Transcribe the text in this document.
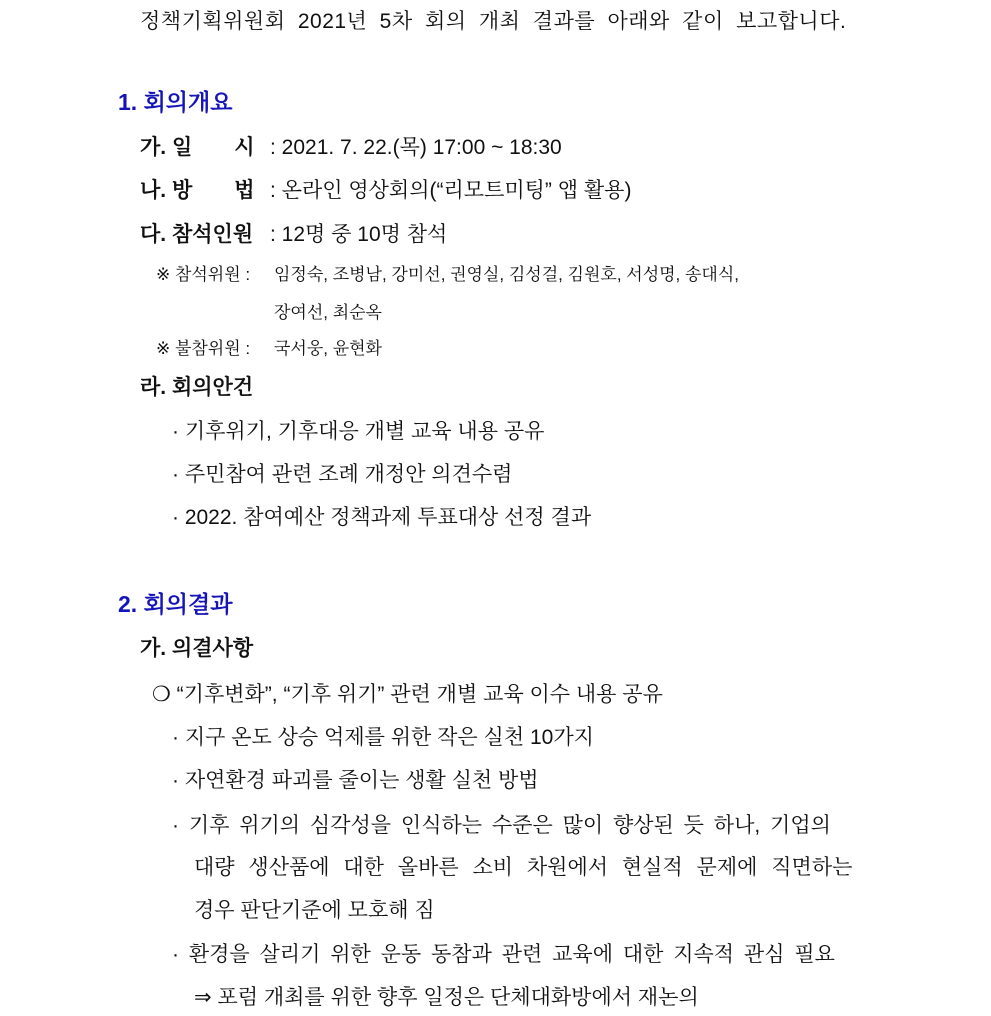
정책기획위원회 2021년 5차 회의 개최 결과를 아래와 같이 보고합니다.
1. 회의개요
가. 일　　시 : 2021. 7. 22.(목) 17:00 ~ 18:30
나. 방　　법 : 온라인 영상회의(“리모트미팅” 앱 활용)
다. 참석인원 : 12명 중 10명 참석
※ 참석위원 : 임정숙, 조병남, 강미선, 권영실, 김성걸, 김원호, 서성명, 송대식,
장여선, 최순옥
※ 불참위원 : 국서웅, 윤현화
라. 회의안건
· 기후위기, 기후대응 개별 교육 내용 공유
· 주민참여 관련 조례 개정안 의견수렴
· 2022. 참여예산 정책과제 투표대상 선정 결과
2. 회의결과
가. 의결사항
❍ “기후변화”, “기후 위기” 관련 개별 교육 이수 내용 공유
· 지구 온도 상승 억제를 위한 작은 실천 10가지
· 자연환경 파괴를 줄이는 생활 실천 방법
· 기후 위기의 심각성을 인식하는 수준은 많이 향상된 듯 하나, 기업의
대량 생산품에 대한 올바른 소비 차원에서 현실적 문제에 직면하는
경우 판단기준에 모호해 짐
· 환경을 살리기 위한 운동 동참과 관련 교육에 대한 지속적 관심 필요
⇒ 포럼 개최를 위한 향후 일정은 단체대화방에서 재논의
